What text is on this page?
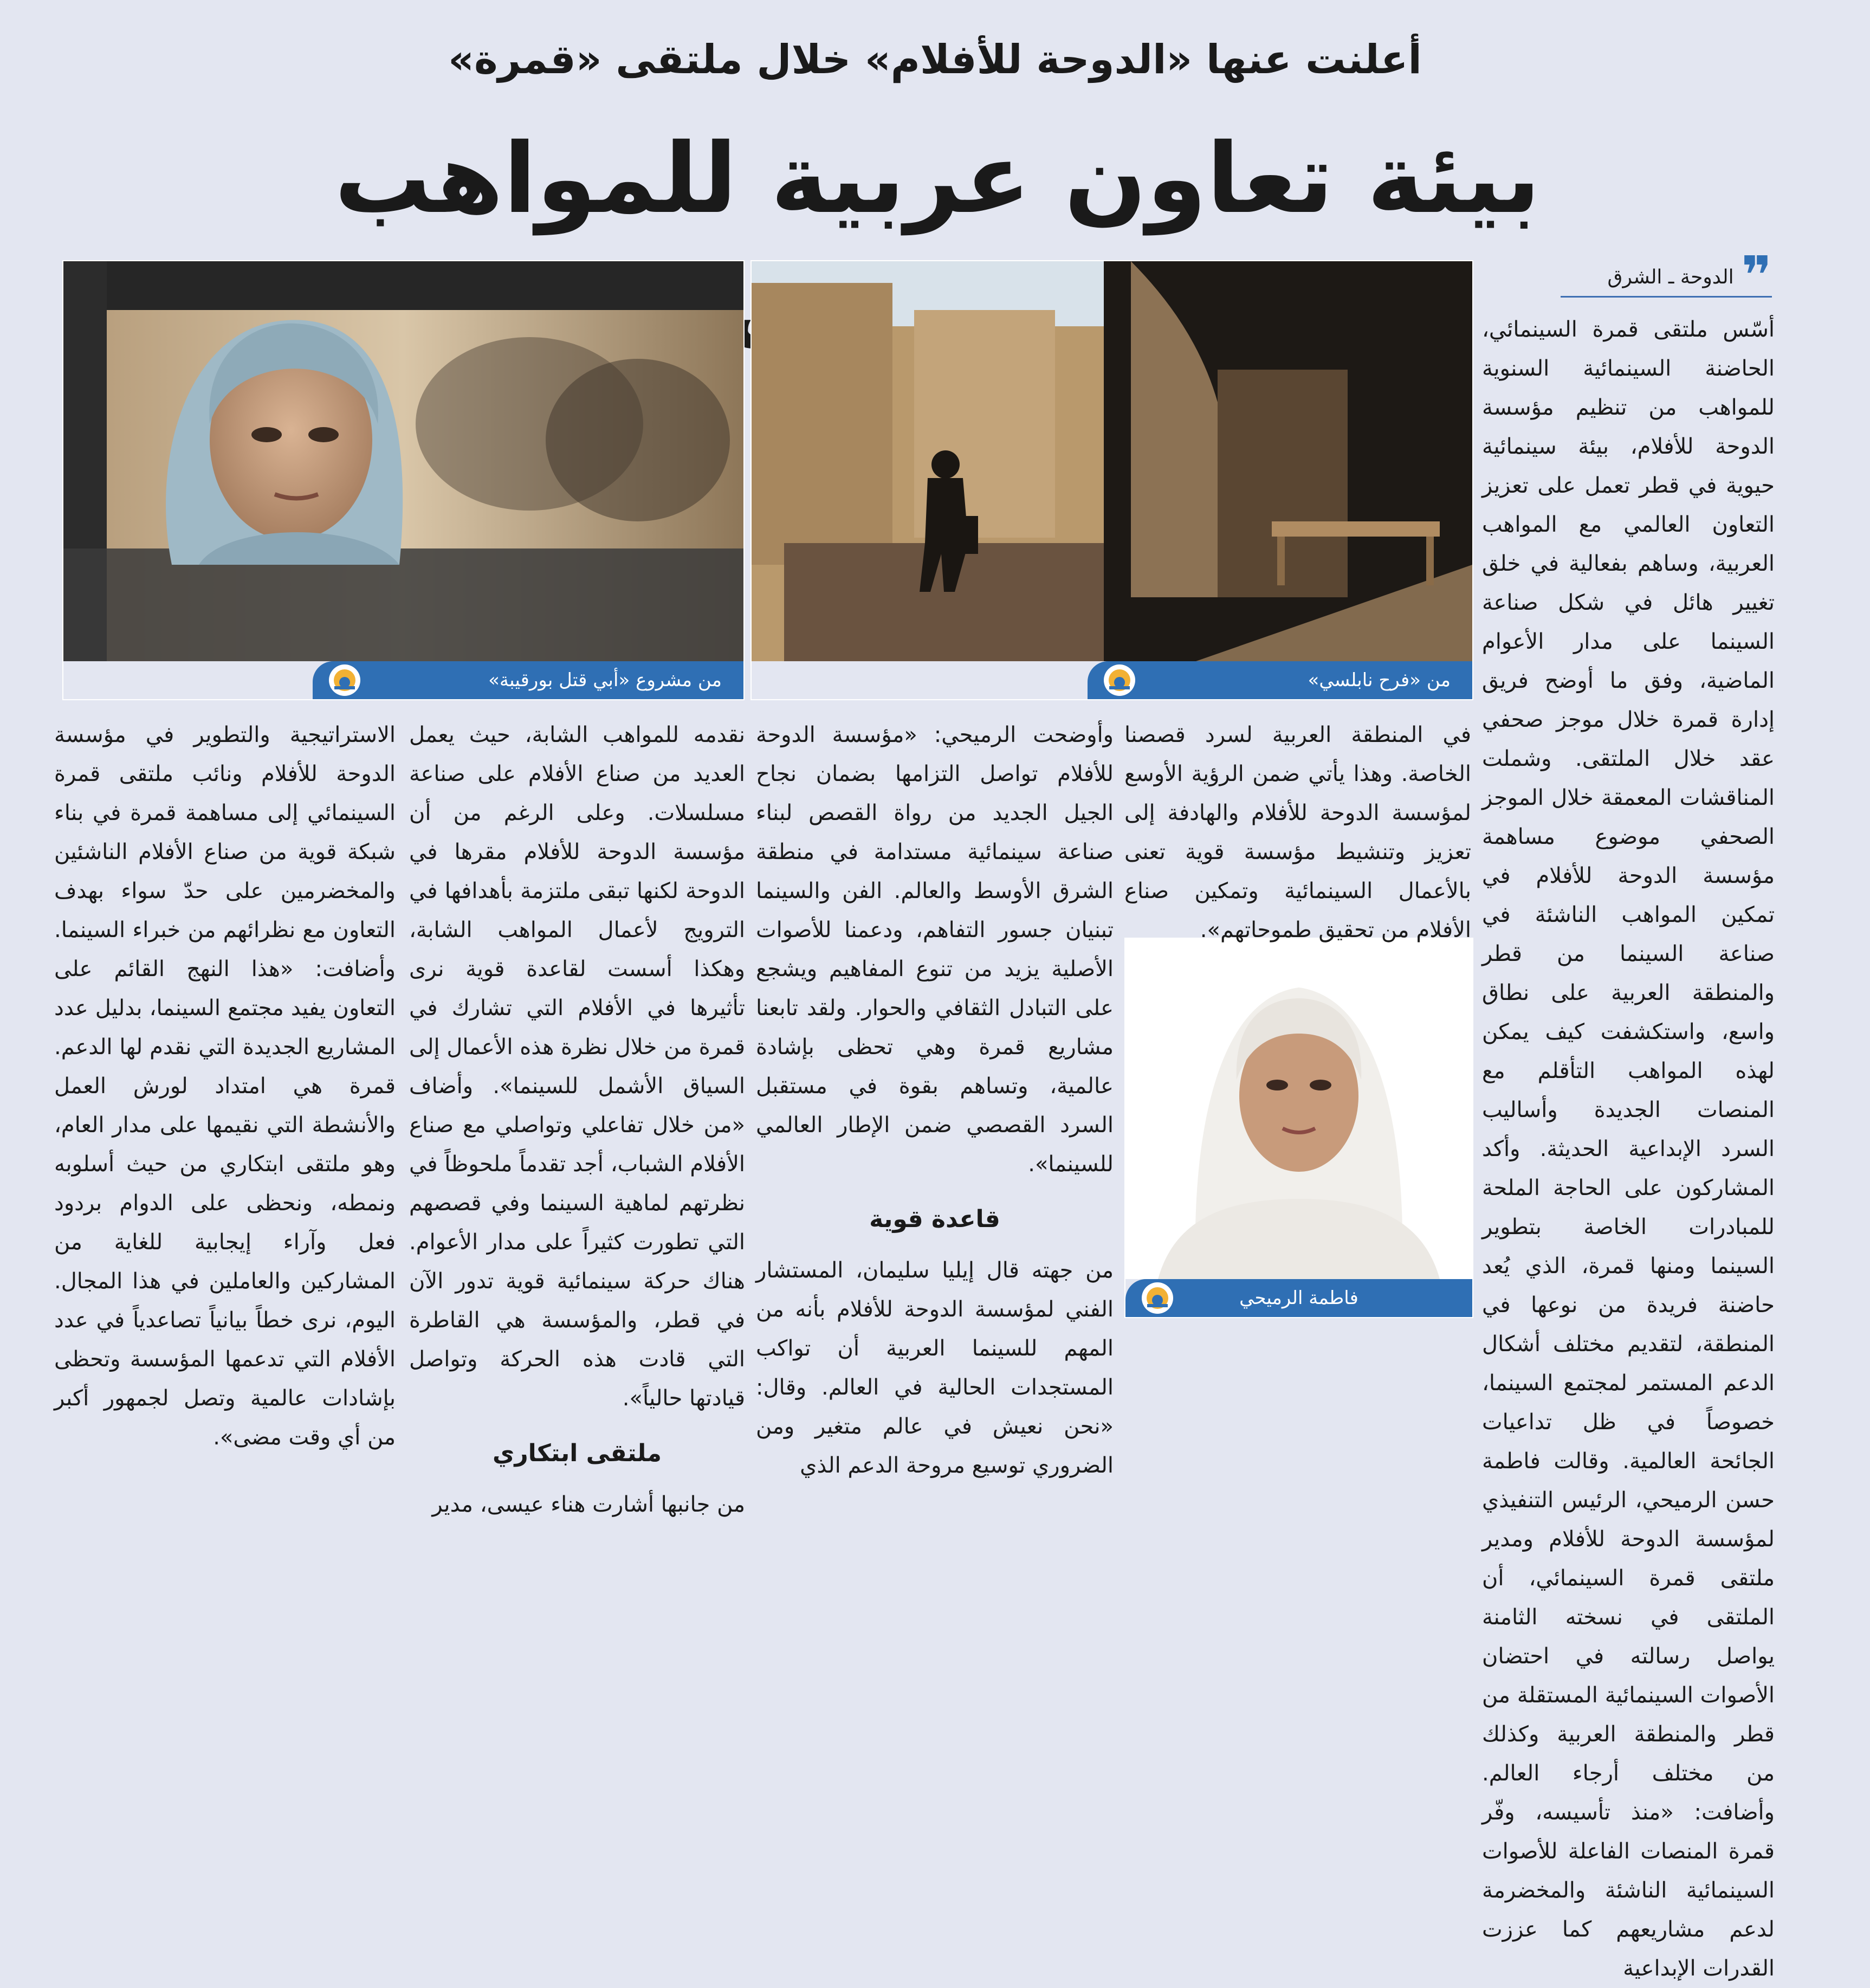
أعلنت عنها «الدوحة للأفلام» خلال ملتقى «قمرة»
بيئة تعاون عربية للمواهب
❞
الدوحة ـ الشرق
من مشروع «أبي قتل بورقيبة»	من «فرح نابلسي»
فاطمة الرميحي

أسّس ملتقى قمرة السينمائي، الحاضنة السينمائية السنوية للمواهب من تنظيم مؤسسة الدوحة للأفلام، بيئة سينمائية حيوية في قطر تعمل على تعزيز التعاون العالمي مع المواهب العربية، وساهم بفعالية في خلق تغيير هائل في شكل صناعة السينما على مدار الأعوام الماضية، وفق ما أوضح فريق إدارة قمرة خلال موجز صحفي عقد خلال الملتقى. وشملت المناقشات المعمقة خلال الموجز الصحفي موضوع مساهمة مؤسسة الدوحة للأفلام في تمكين المواهب الناشئة في صناعة السينما من قطر والمنطقة العربية على نطاق واسع، واستكشفت كيف يمكن لهذه المواهب التأقلم مع المنصات الجديدة وأساليب السرد الإبداعية الحديثة. وأكد المشاركون على الحاجة الملحة للمبادرات الخاصة بتطوير السينما ومنها قمرة، الذي يُعد حاضنة فريدة من نوعها في المنطقة، لتقديم مختلف أشكال الدعم المستمر لمجتمع السينما، خصوصاً في ظل تداعيات الجائحة العالمية. وقالت فاطمة حسن الرميحي، الرئيس التنفيذي لمؤسسة الدوحة للأفلام ومدير ملتقى قمرة السينمائي، أن الملتقى في نسخته الثامنة يواصل رسالته في احتضان الأصوات السينمائية المستقلة من قطر والمنطقة العربية وكذلك من مختلف أرجاء العالم. وأضافت: «منذ تأسيسه، وفّر قمرة المنصات الفاعلة للأصوات السينمائية الناشئة والمخضرمة لدعم مشاريعهم كما عززت القدرات الإبداعية

في المنطقة العربية لسرد قصصنا الخاصة. وهذا يأتي ضمن الرؤية الأوسع لمؤسسة الدوحة للأفلام والهادفة إلى تعزيز وتنشيط مؤسسة قوية تعنى بالأعمال السينمائية وتمكين صناع الأفلام من تحقيق طموحاتهم».

وأوضحت الرميحي: «مؤسسة الدوحة للأفلام تواصل التزامها بضمان نجاح الجيل الجديد من رواة القصص لبناء صناعة سينمائية مستدامة في منطقة الشرق الأوسط والعالم. الفن والسينما تبنيان جسور التفاهم، ودعمنا للأصوات الأصلية يزيد من تنوع المفاهيم ويشجع على التبادل الثقافي والحوار. ولقد تابعنا مشاريع قمرة وهي تحظى بإشادة عالمية، وتساهم بقوة في مستقبل السرد القصصي ضمن الإطار العالمي للسينما».

قاعدة قوية

من جهته قال إيليا سليمان، المستشار الفني لمؤسسة الدوحة للأفلام بأنه من المهم للسينما العربية أن تواكب المستجدات الحالية في العالم. وقال: «نحن نعيش في عالم متغير ومن الضروري توسيع مروحة الدعم الذي

نقدمه للمواهب الشابة، حيث يعمل العديد من صناع الأفلام على صناعة مسلسلات. وعلى الرغم من أن مؤسسة الدوحة للأفلام مقرها في الدوحة لكنها تبقى ملتزمة بأهدافها في الترويج لأعمال المواهب الشابة، وهكذا أسست لقاعدة قوية نرى تأثيرها في الأفلام التي تشارك في قمرة من خلال نظرة هذه الأعمال إلى السياق الأشمل للسينما». وأضاف «من خلال تفاعلي وتواصلي مع صناع الأفلام الشباب، أجد تقدماً ملحوظاً في نظرتهم لماهية السينما وفي قصصهم التي تطورت كثيراً على مدار الأعوام. هناك حركة سينمائية قوية تدور الآن في قطر، والمؤسسة هي القاطرة التي قادت هذه الحركة وتواصل قيادتها حالياً».

ملتقى ابتكاري

من جانبها أشارت هناء عيسى، مدير

الاستراتيجية والتطوير في مؤسسة الدوحة للأفلام ونائب ملتقى قمرة السينمائي إلى مساهمة قمرة في بناء شبكة قوية من صناع الأفلام الناشئين والمخضرمين على حدّ سواء بهدف التعاون مع نظرائهم من خبراء السينما. وأضافت: «هذا النهج القائم على التعاون يفيد مجتمع السينما، بدليل عدد المشاريع الجديدة التي نقدم لها الدعم. قمرة هي امتداد لورش العمل والأنشطة التي نقيمها على مدار العام، وهو ملتقى ابتكاري من حيث أسلوبه ونمطه، ونحظى على الدوام بردود فعل وآراء إيجابية للغاية من المشاركين والعاملين في هذا المجال. اليوم، نرى خطاً بيانياً تصاعدياً في عدد الأفلام التي تدعمها المؤسسة وتحظى بإشادات عالمية وتصل لجمهور أكبر من أي وقت مضى».
